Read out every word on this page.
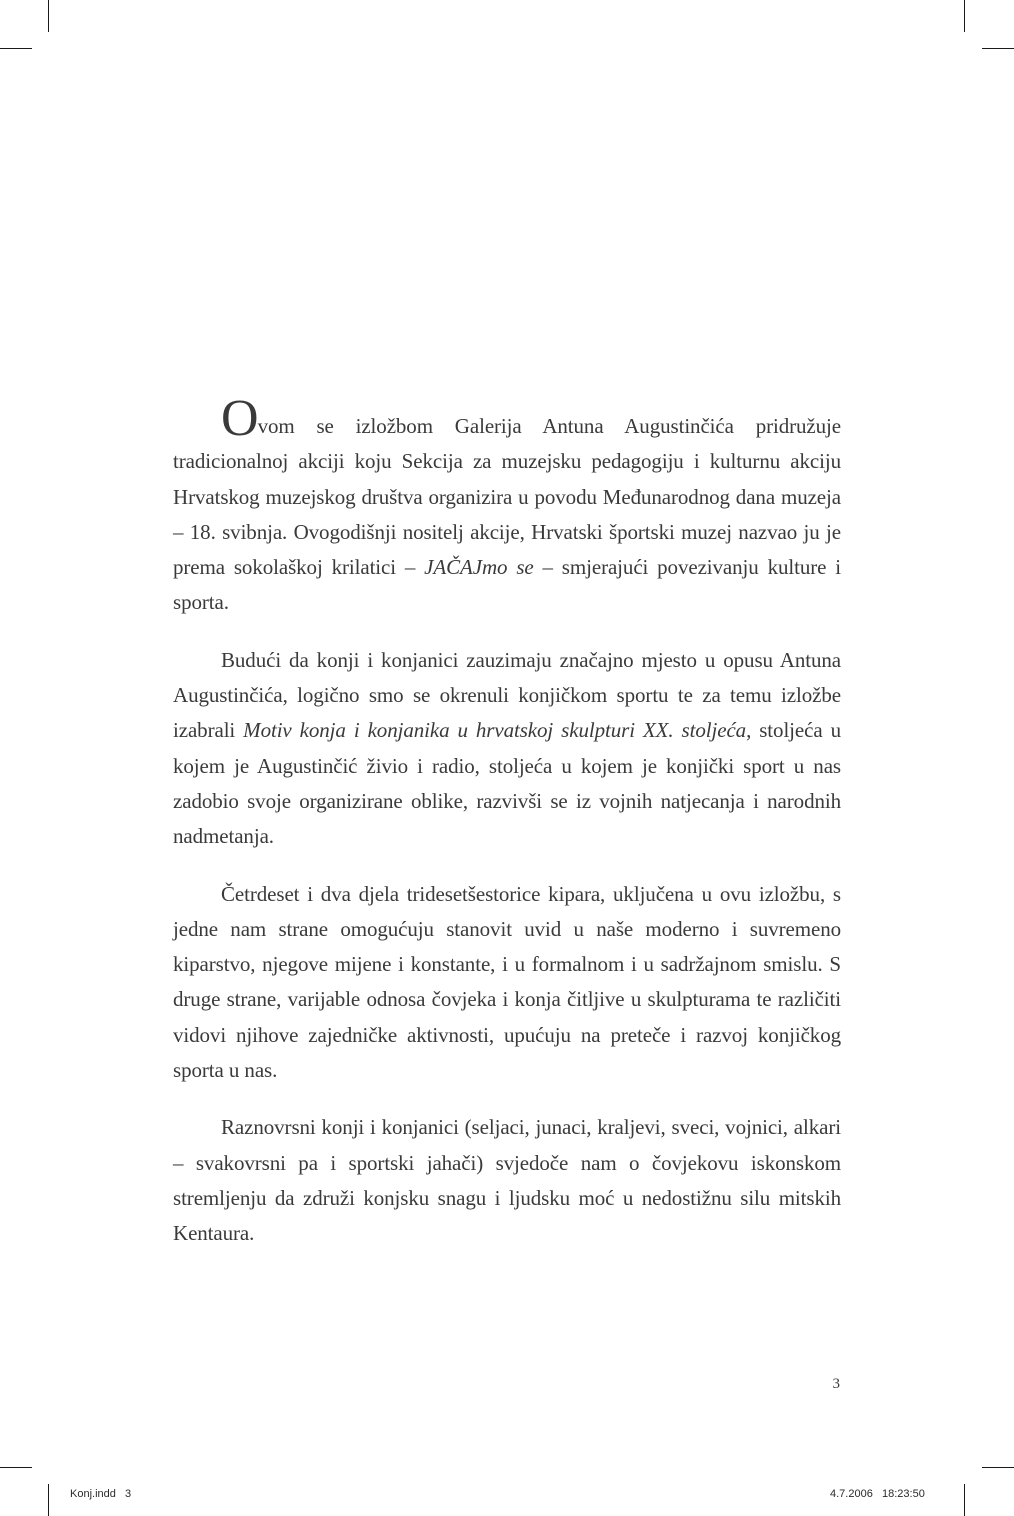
Ovom se izložbom Galerija Antuna Augustinčića pridružuje tradicionalnoj akciji koju Sekcija za muzejsku pedagogiju i kulturnu akciju Hrvatskog muzejskog društva organizira u povodu Međunarodnog dana muzeja – 18. svibnja. Ovogodišnji nositelj akcije, Hrvatski športski muzej nazvao ju je prema sokolaškoj krilatici – JAČAJmo se – smjerajući povezivanju kulture i sporta.

Budući da konji i konjanici zauzimaju značajno mjesto u opusu Antuna Augustinčića, logično smo se okrenuli konjičkom sportu te za temu izložbe izabrali Motiv konja i konjanika u hrvatskoj skulpturi XX. stoljeća, stoljeća u kojem je Augustinčić živio i radio, stoljeća u kojem je konjički sport u nas zadobio svoje organizirane oblike, razvivši se iz vojnih natjecanja i narodnih nadmetanja.

Četrdeset i dva djela tridesetšestorice kipara, uključena u ovu izložbu, s jedne nam strane omogućuju stanovit uvid u naše moderno i suvremeno kiparstvo, njegove mijene i konstante, i u formalnom i u sadržajnom smislu. S druge strane, varijable odnosa čovjeka i konja čitljive u skulpturama te različiti vidovi njihove zajedničke aktivnosti, upućuju na preteče i razvoj konjičkog sporta u nas.

Raznovrsni konji i konjanici (seljaci, junaci, kraljevi, sveci, vojnici, alkari – svakovrsni pa i sportski jahači) svjedoče nam o čovjekovu iskonskom stremljenju da združi konjsku snagu i ljudsku moć u nedostižnu silu mitskih Kentaura.

3
Konj.indd   3	4.7.2006   18:23:50
